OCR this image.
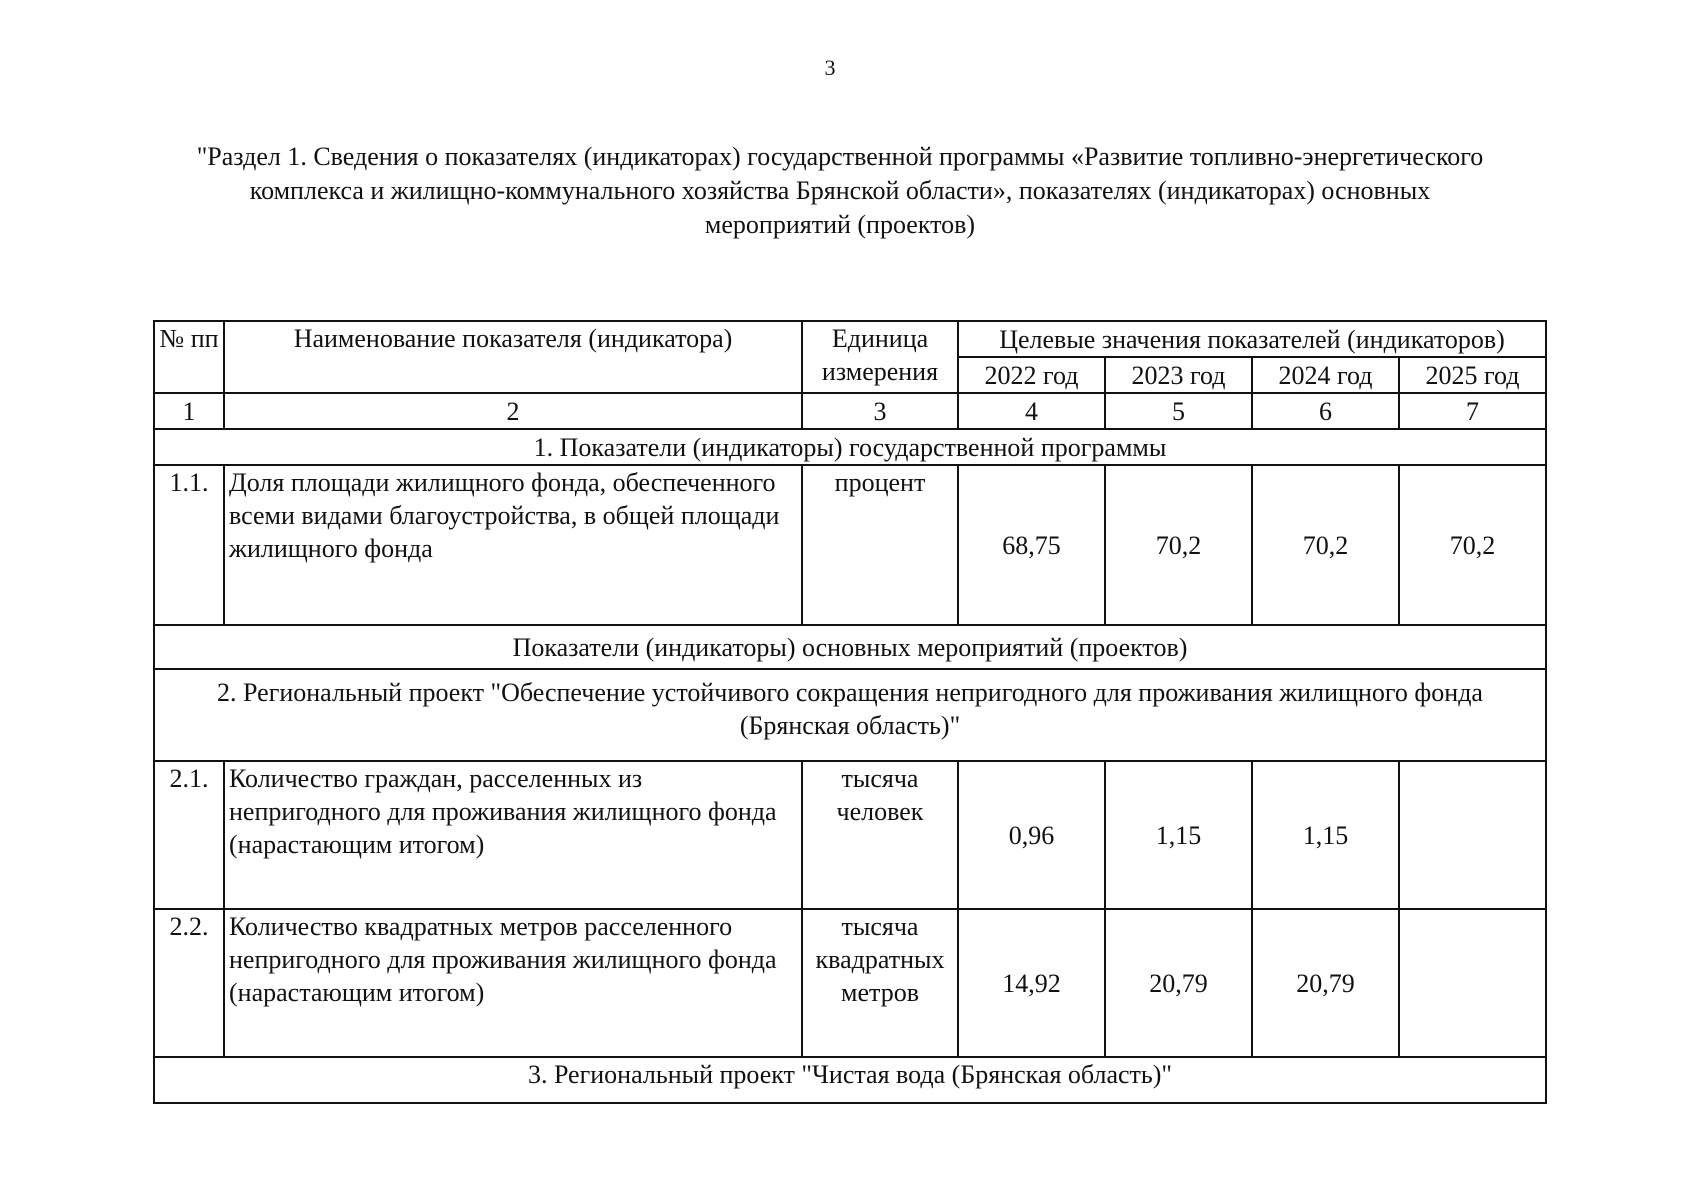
3
"Раздел 1. Сведения о показателях (индикаторах) государственной программы «Развитие топливно-энергетического
комплекса и жилищно-коммунального хозяйства Брянской области», показателях (индикаторах) основных
мероприятий (проектов)
№ пп	Наименование показателя (индикатора)	Единица измерения	Целевые значения показателей (индикаторов)			
			2022 год	2023 год	2024 год	2025 год
1	2	3	4	5	6	7
1. Показатели (индикаторы) государственной программы						
1.1.	Доля площади жилищного фонда, обеспеченного всеми видами благоустройства, в общей площади жилищного фонда	процент	68,75	70,2	70,2	70,2
Показатели (индикаторы) основных мероприятий (проектов)						
2. Региональный проект "Обеспечение устойчивого сокращения непригодного для проживания жилищного фонда (Брянская область)"						
2.1.	Количество граждан, расселенных из непригодного для проживания жилищного фонда (нарастающим итогом)	тысяча человек	0,96	1,15	1,15	
2.2.	Количество квадратных метров расселенного непригодного для проживания жилищного фонда (нарастающим итогом)	тысяча квадратных метров	14,92	20,79	20,79	
3. Региональный проект "Чистая вода (Брянская область)"						
